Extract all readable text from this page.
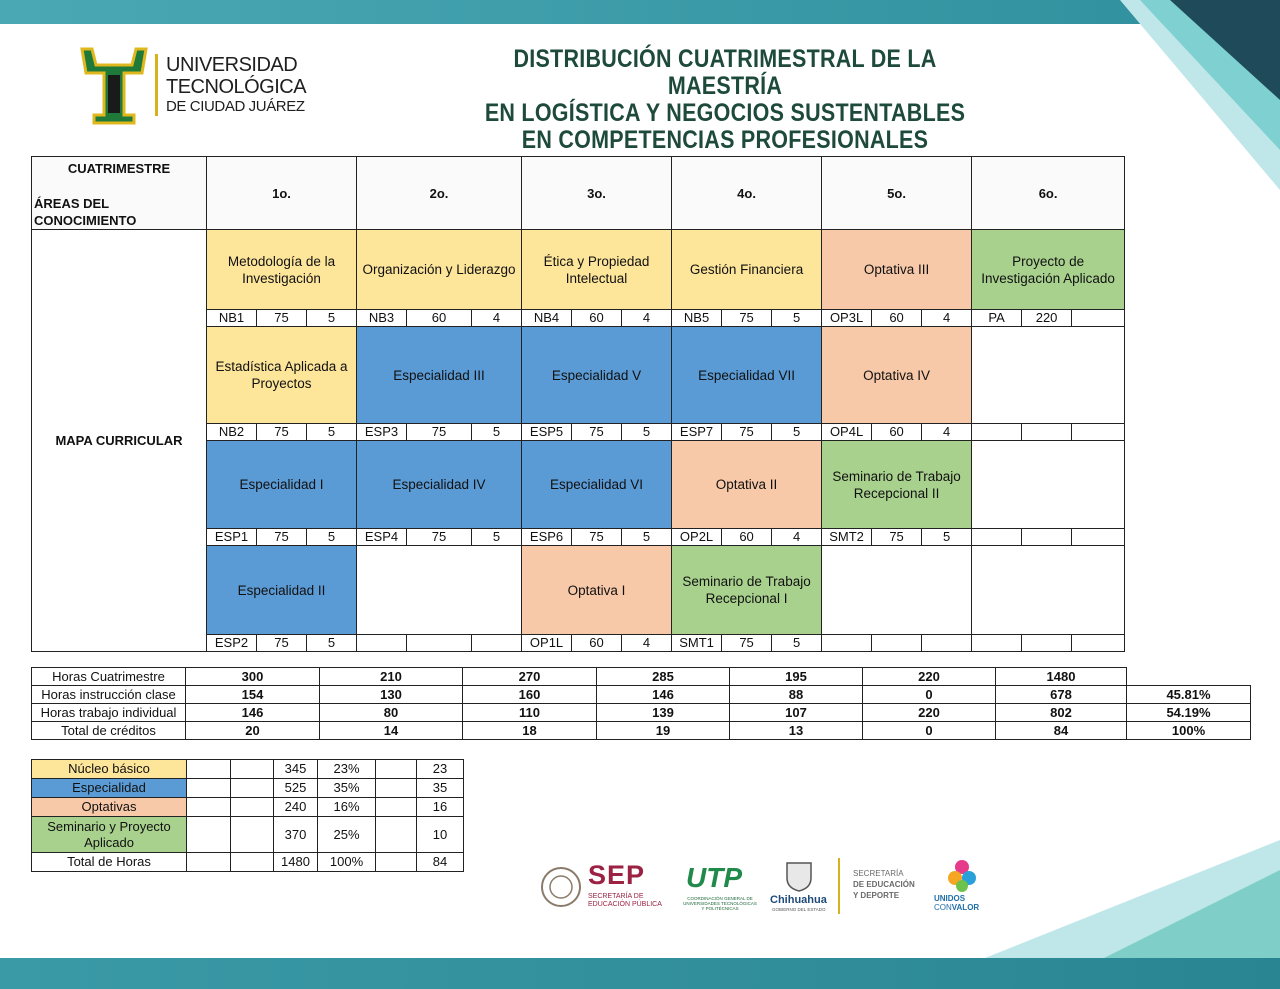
UNIVERSIDAD
TECNOLÓGICA
DE CIUDAD JUÁREZ
DISTRIBUCIÓN CUATRIMESTRAL DE LA MAESTRÍA
EN LOGÍSTICA Y NEGOCIOS SUSTENTABLES
EN COMPETENCIAS PROFESIONALES
CUATRIMESTRE
ÁREAS DEL CONOCIMIENTO	1o.			2o.			3o.			4o.			5o.			6o.		
MAPA CURRICULAR	Metodología de la Investigación			Organización y Liderazgo			Ética y Propiedad Intelectual			Gestión Financiera			Optativa III			Proyecto de Investigación Aplicado		
	NB1	75	5	NB3	60	4	NB4	60	4	NB5	75	5	OP3L	60	4	PA	220	
	Estadística Aplicada a Proyectos			Especialidad III			Especialidad V			Especialidad VII			Optativa IV					
	NB2	75	5	ESP3	75	5	ESP5	75	5	ESP7	75	5	OP4L	60	4			
	Especialidad I			Especialidad IV			Especialidad VI			Optativa II			Seminario de Trabajo Recepcional II					
	ESP1	75	5	ESP4	75	5	ESP6	75	5	OP2L	60	4	SMT2	75	5			
	Especialidad II						Optativa I			Seminario de Trabajo Recepcional I								
	ESP2	75	5				OP1L	60	4	SMT1	75	5						
Horas Cuatrimestre	300	210	270	285	195	220	1480	
Horas instrucción clase	154	130	160	146	88	0	678	45.81%
Horas trabajo individual	146	80	110	139	107	220	802	54.19%
Total de créditos	20	14	18	19	13	0	84	100%
Núcleo básico			345	23%		23
Especialidad			525	35%		35
Optativas			240	16%		16
Seminario y Proyecto Aplicado			370	25%		10
Total de Horas			1480	100%		84	SEP
SECRETARÍA DE
EDUCACIÓN PÚBLICA
UTP
COORDINACIÓN GENERAL DE UNIVERSIDADES TECNOLÓGICAS Y POLITÉCNICAS
Chihuahua
GOBIERNO DEL ESTADO
SECRETARÍA
DE EDUCACIÓN
Y DEPORTE	UNIDOS
CONVALOR
